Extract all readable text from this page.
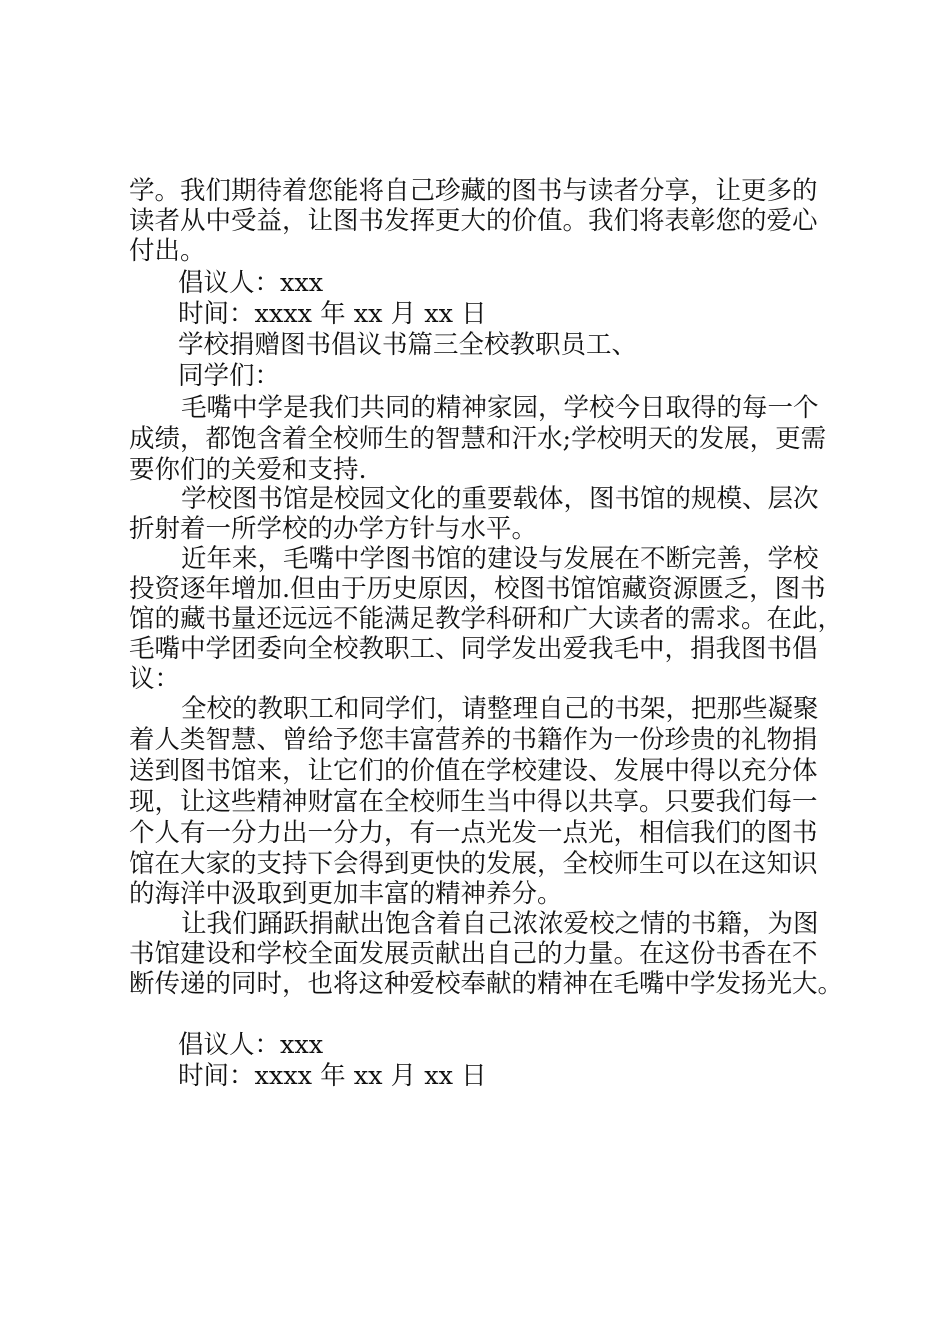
学。我们期待着您能将自己珍藏的图书与读者分享，让更多的
读者从中受益，让图书发挥更大的价值。我们将表彰您的爱心
付出。
倡议人：xxx
时间：xxxx 年 xx 月 xx 日
学校捐赠图书倡议书篇三全校教职员工、
同学们：
毛嘴中学是我们共同的精神家园，学校今日取得的每一个
成绩，都饱含着全校师生的智慧和汗水;学校明天的发展，更需
要你们的关爱和支持.
学校图书馆是校园文化的重要载体，图书馆的规模、层次
折射着一所学校的办学方针与水平。
近年来，毛嘴中学图书馆的建设与发展在不断完善，学校
投资逐年增加.但由于历史原因，校图书馆馆藏资源匮乏，图书
馆的藏书量还远远不能满足教学科研和广大读者的需求。在此，
毛嘴中学团委向全校教职工、同学发出爱我毛中，捐我图书倡
议：
全校的教职工和同学们，请整理自己的书架，把那些凝聚
着人类智慧、曾给予您丰富营养的书籍作为一份珍贵的礼物捐
送到图书馆来，让它们的价值在学校建设、发展中得以充分体
现，让这些精神财富在全校师生当中得以共享。只要我们每一
个人有一分力出一分力，有一点光发一点光，相信我们的图书
馆在大家的支持下会得到更快的发展，全校师生可以在这知识
的海洋中汲取到更加丰富的精神养分。
让我们踊跃捐献出饱含着自己浓浓爱校之情的书籍，为图
书馆建设和学校全面发展贡献出自己的力量。在这份书香在不
断传递的同时，也将这种爱校奉献的精神在毛嘴中学发扬光大。
倡议人：xxx
时间：xxxx 年 xx 月 xx 日
